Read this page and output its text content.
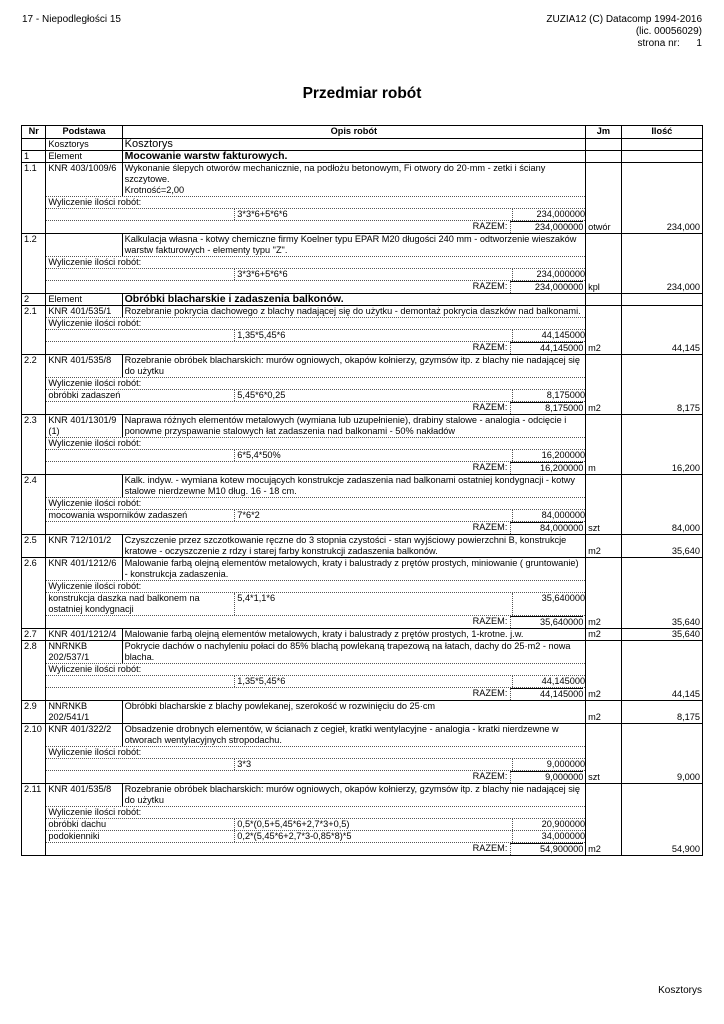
17 - Niepodległości 15	ZUZIA12 (C) Datacomp 1994-2016
(lic. 00056029)
strona nr:      1
Przedmiar robót
Nr	Podstawa	Opis robót	Jm	Ilość
	Kosztorys	Kosztorys		
1	Element	Mocowanie warstw fakturowych.		
1.1	KNR 403/1009/6	Wykonanie ślepych otworów mechanicznie, na podłożu betonowym, Fi otwory do 20·mm - zetki i ściany szczytowe.
Krotność=2,00		

	Wyliczenie ilości robót:			

	3*3*6+5*6*6 234,000000			

	RAZEM: 234,000000		otwór	234,000
1.2		Kalkulacja własna - kotwy chemiczne firmy Koelner typu EPAR M20 długości 240 mm - odtworzenie wieszaków warstw fakturowych - elementy typu "Z".		

	Wyliczenie ilości robót:			

	3*3*6+5*6*6 234,000000			

	RAZEM: 234,000000		kpl	234,000
2	Element	Obróbki blacharskie i zadaszenia balkonów.		
2.1	KNR 401/535/1	Rozebranie pokrycia dachowego z blachy nadającej się do użytku - demontaż pokrycia daszków nad balkonami.		

	Wyliczenie ilości robót:			

	1,35*5,45*6 44,145000			

	RAZEM: 44,145000		m2	44,145
2.2	KNR 401/535/8	Rozebranie obróbek blacharskich: murów ogniowych, okapów kołnierzy, gzymsów itp. z blachy nie nadającej się do użytku		

	Wyliczenie ilości robót:			

	obróbki zadaszeń 5,45*6*0,25 8,175000			

	RAZEM: 8,175000		m2	8,175
2.3	KNR 401/1301/9 (1)	Naprawa różnych elementów metalowych (wymiana lub uzupełnienie), drabiny stalowe - analogia - odcięcie i ponowne przyspawanie stalowych łat zadaszenia nad balkonami - 50% nakładów		

	Wyliczenie ilości robót:			

	6*5,4*50% 16,200000			

	RAZEM: 16,200000		m	16,200
2.4		Kalk. indyw. - wymiana kotew mocujących konstrukcje zadaszenia nad balkonami ostatniej kondygnacji - kotwy stalowe nierdzewne M10 dług. 16 - 18 cm.		

	Wyliczenie ilości robót:			

	mocowania wsporników zadaszeń 7*6*2 84,000000			

	RAZEM: 84,000000		szt	84,000
2.5	KNR 712/101/2	Czyszczenie przez szczotkowanie ręczne do 3 stopnia czystości - stan wyjściowy powierzchni B, konstrukcje kratowe - oczyszczenie z rdzy i starej farby konstrukcji zadaszenia balkonów.	m2	35,640
2.6	KNR 401/1212/6	Malowanie farbą olejną elementów metalowych, kraty i balustrady z prętów prostych, miniowanie ( gruntowanie) - konstrukcja zadaszenia.		

	Wyliczenie ilości robót:			

	konstrukcja daszka nad balkonem na ostatniej kondygnacji
5,4*1,1*6 35,640000			

	RAZEM: 35,640000		m2	35,640
2.7	KNR 401/1212/4	Malowanie farbą olejną elementów metalowych, kraty i balustrady z prętów prostych, 1-krotne. j.w.	m2	35,640
2.8	NNRNKB 202/537/1	Pokrycie dachów o nachyleniu połaci do 85% blachą powlekaną trapezową na łatach, dachy do 25·m2 - nowa blacha.		

	Wyliczenie ilości robót:			

	1,35*5,45*6 44,145000			

	RAZEM: 44,145000		m2	44,145
2.9	NNRNKB 202/541/1	Obróbki blacharskie z blachy powlekanej, szerokość w rozwinięciu do 25·cm	m2	8,175
2.10	KNR 401/322/2	Obsadzenie drobnych elementów, w ścianach z cegieł, kratki wentylacyjne - analogia - kratki nierdzewne w otworach wentylacyjnych stropodachu.		

	Wyliczenie ilości robót:			

	3*3 9,000000			

	RAZEM: 9,000000		szt	9,000
2.11	KNR 401/535/8	Rozebranie obróbek blacharskich: murów ogniowych, okapów kołnierzy, gzymsów itp. z blachy nie nadającej się do użytku		

	Wyliczenie ilości robót:			

	obróbki dachu 0,5*(0,5+5,45*6+2,7*3+0,5) 20,900000			

	podokienniki 0,2*(5,45*6+2,7*3-0,85*8)*5 34,000000			

	RAZEM: 54,900000		m2	54,900
Kosztorys
